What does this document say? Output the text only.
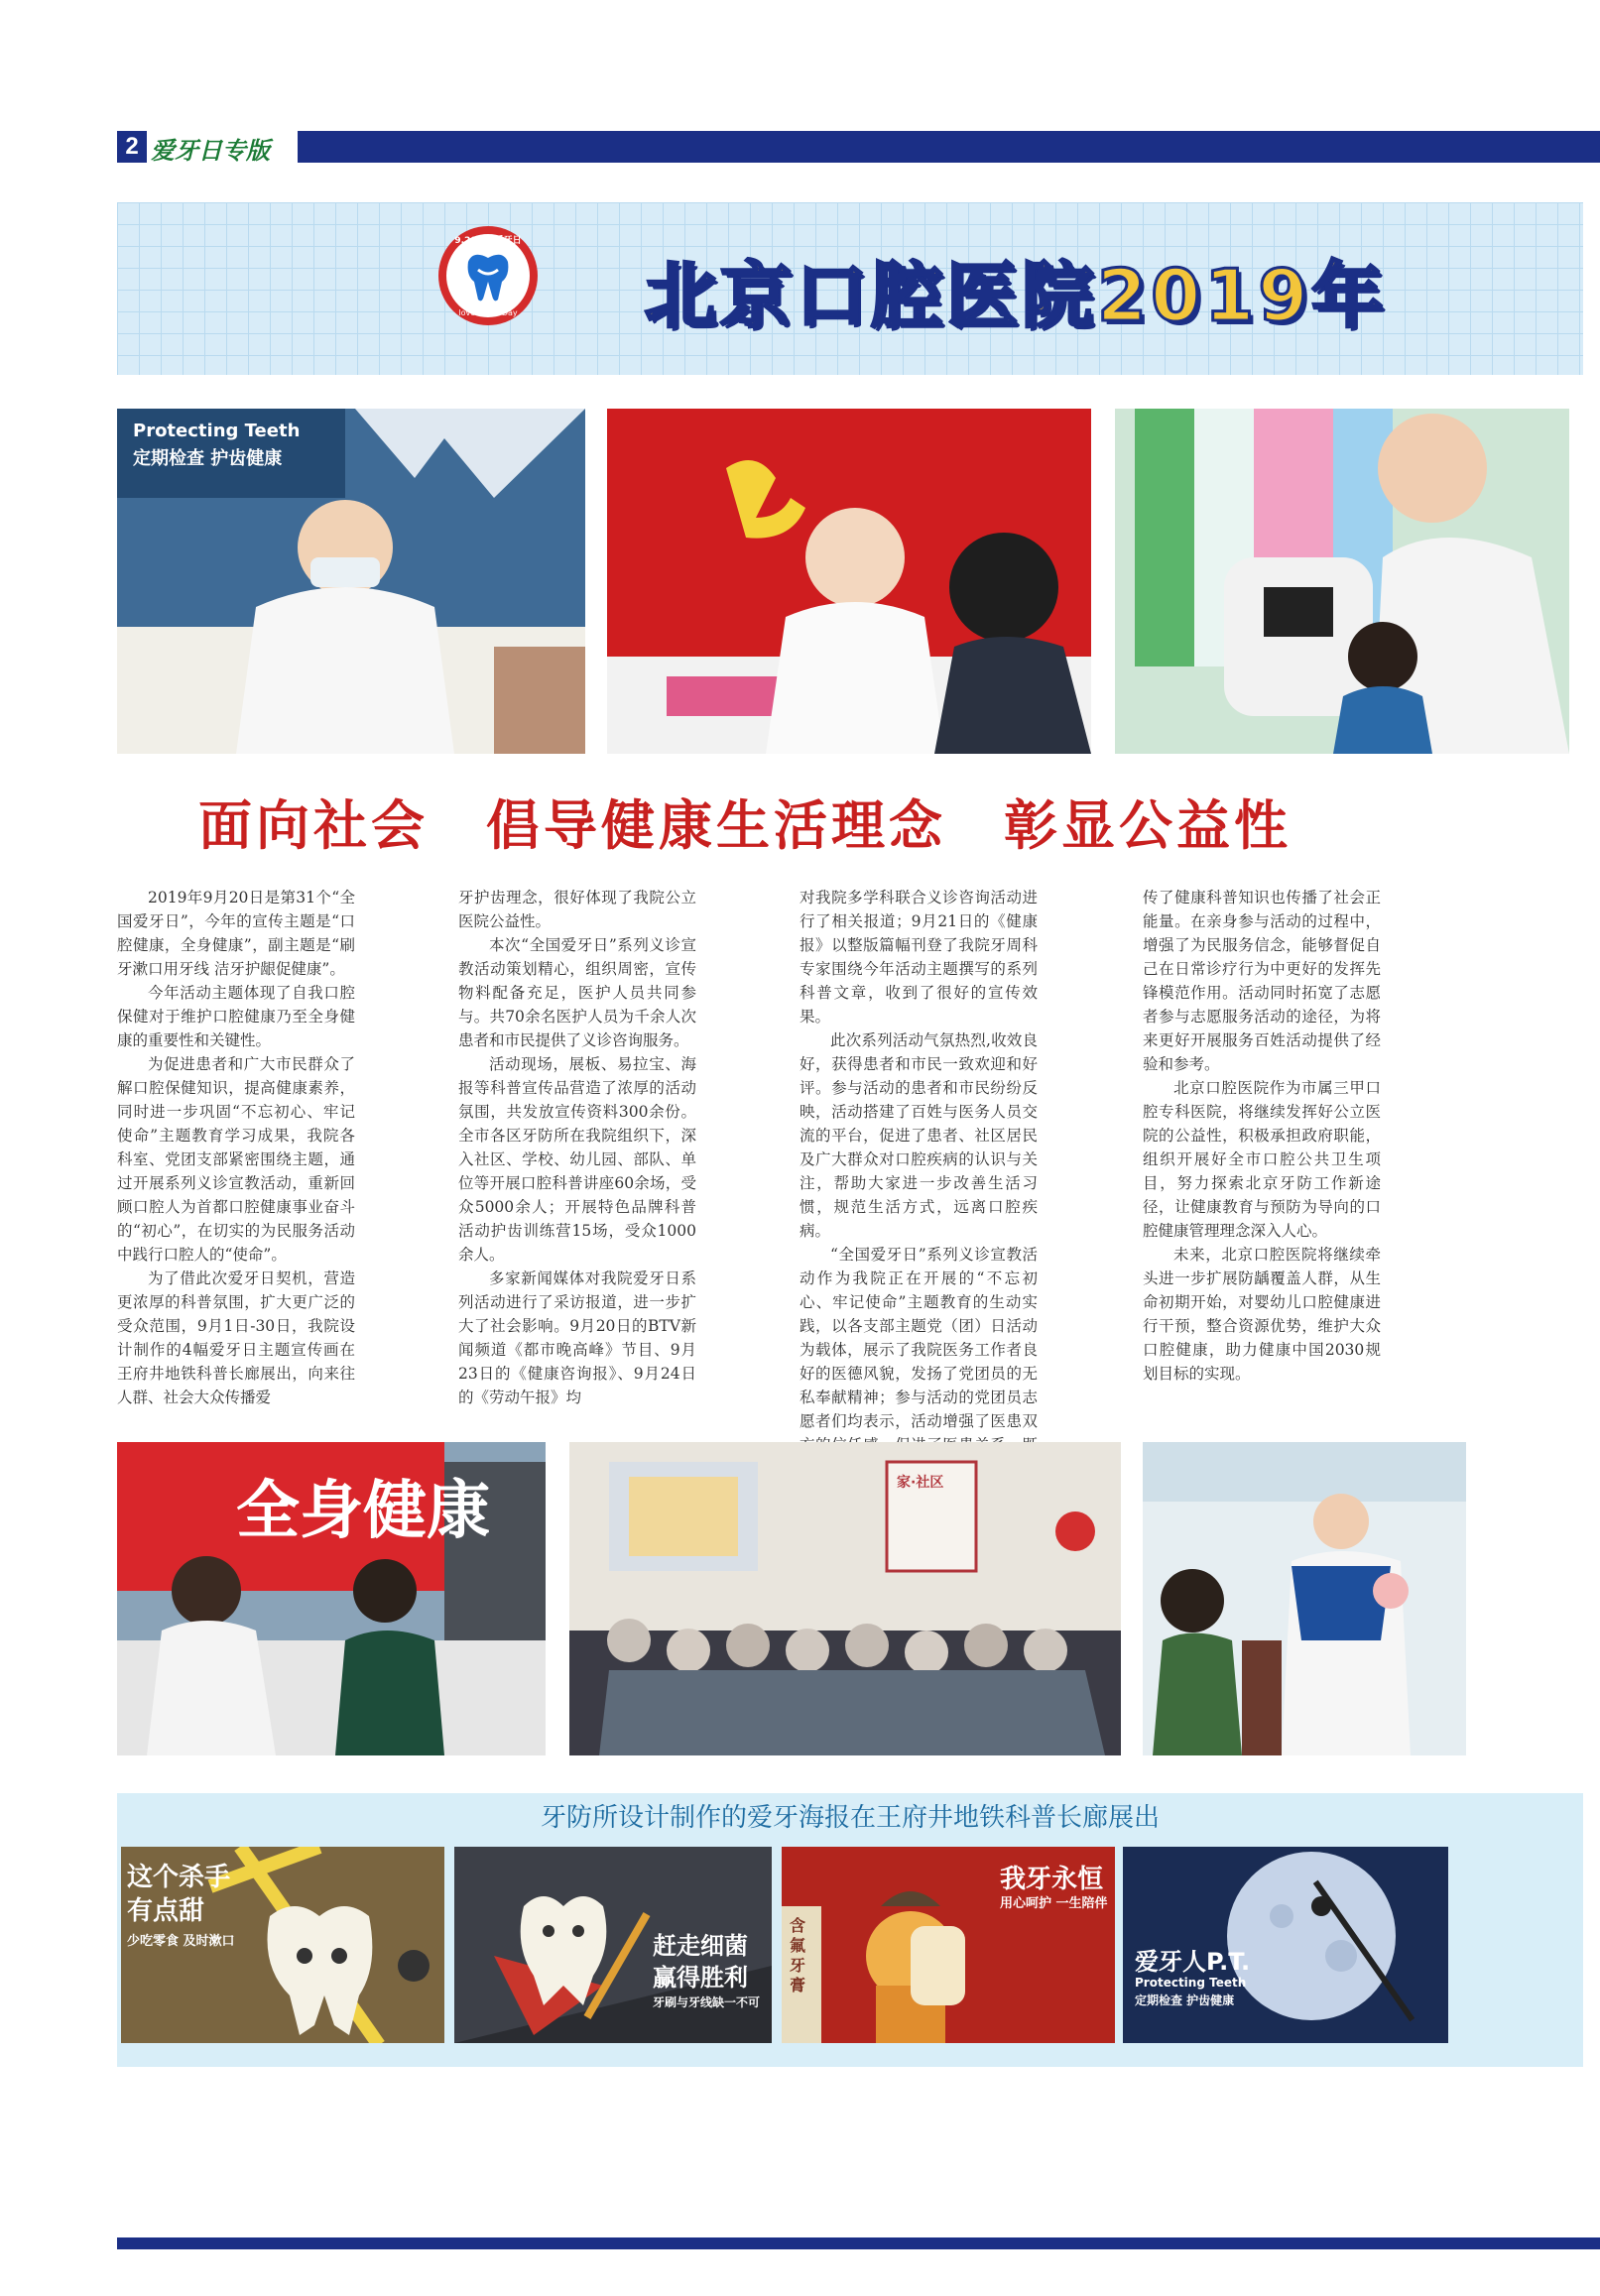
2 爱牙日专版
9.20全国爱牙日
love Teeth Day 北京口腔医院2019年
Protecting Teeth
定期检查 护齿健康
面向社会　倡导健康生活理念　彰显公益性

2019年9月20日是第31个“全国爱牙日”，今年的宣传主题是“口腔健康，全身健康”，副主题是“刷牙漱口用牙线 洁牙护龈促健康”。

今年活动主题体现了自我口腔保健对于维护口腔健康乃至全身健康的重要性和关键性。

为促进患者和广大市民群众了解口腔保健知识，提高健康素养，同时进一步巩固“不忘初心、牢记使命”主题教育学习成果，我院各科室、党团支部紧密围绕主题，通过开展系列义诊宣教活动，重新回顾口腔人为首都口腔健康事业奋斗的“初心”，在切实的为民服务活动中践行口腔人的“使命”。

为了借此次爱牙日契机，营造更浓厚的科普氛围，扩大更广泛的受众范围，9月1日-30日，我院设计制作的4幅爱牙日主题宣传画在王府井地铁科普长廊展出，向来往人群、社会大众传播爱

牙护齿理念，很好体现了我院公立医院公益性。

本次“全国爱牙日”系列义诊宣教活动策划精心，组织周密，宣传物料配备充足，医护人员共同参与。共70余名医护人员为千余人次患者和市民提供了义诊咨询服务。

活动现场，展板、易拉宝、海报等科普宣传品营造了浓厚的活动氛围，共发放宣传资料300余份。全市各区牙防所在我院组织下，深入社区、学校、幼儿园、部队、单位等开展口腔科普讲座60余场，受众5000余人；开展特色品牌科普活动护齿训练营15场，受众1000余人。

多家新闻媒体对我院爱牙日系列活动进行了采访报道，进一步扩大了社会影响。9月20日的BTV新闻频道《都市晚高峰》节目、9月23日的《健康咨询报》、9月24日的《劳动午报》均

对我院多学科联合义诊咨询活动进行了相关报道；9月21日的《健康报》以整版篇幅刊登了我院牙周科专家围绕今年活动主题撰写的系列科普文章，收到了很好的宣传效果。

此次系列活动气氛热烈,收效良好，获得患者和市民一致欢迎和好评。参与活动的患者和市民纷纷反映，活动搭建了百姓与医务人员交流的平台，促进了患者、社区居民及广大群众对口腔疾病的认识与关注，帮助大家进一步改善生活习惯，规范生活方式，远离口腔疾病。

“全国爱牙日”系列义诊宣教活动作为我院正在开展的“不忘初心、牢记使命”主题教育的生动实践，以各支部主题党（团）日活动为载体，展示了我院医务工作者良好的医德风貌，发扬了党团员的无私奉献精神；参与活动的党团员志愿者们均表示，活动增强了医患双

传了健康科普知识也传播了社会正能量。在亲身参与活动的过程中，增强了为民服务信念，能够督促自己在日常诊疗行为中更好的发挥先锋模范作用。活动同时拓宽了志愿者参与志愿服务活动的途径，为将来更好开展服务百姓活动提供了经验和参考。

北京口腔医院作为市属三甲口腔专科医院，将继续发挥好公立医院的公益性，积极承担政府职能，组织开展好全市口腔公共卫生项目，努力探索北京牙防工作新途径，让健康教育与预防为导向的口腔健康管理理念深入人心。

未来，北京口腔医院将继续牵头进一步扩展防龋覆盖人群，从生命初期开始，对婴幼儿口腔健康进行干预，整合资源优势，维护大众口腔健康，助力健康中国2030规划目标的实现。

全身健康	家·社区
牙防所设计制作的爱牙海报在王府井地铁科普长廊展出
这个杀手
有点甜
少吃零食 及时漱口	赶走细菌
赢得胜利
牙刷与牙线缺一不可
我牙永恒
用心呵护 一生陪伴
含氟牙膏
爱牙人P.T.
Protecting Teeth
定期检查 护齿健康
